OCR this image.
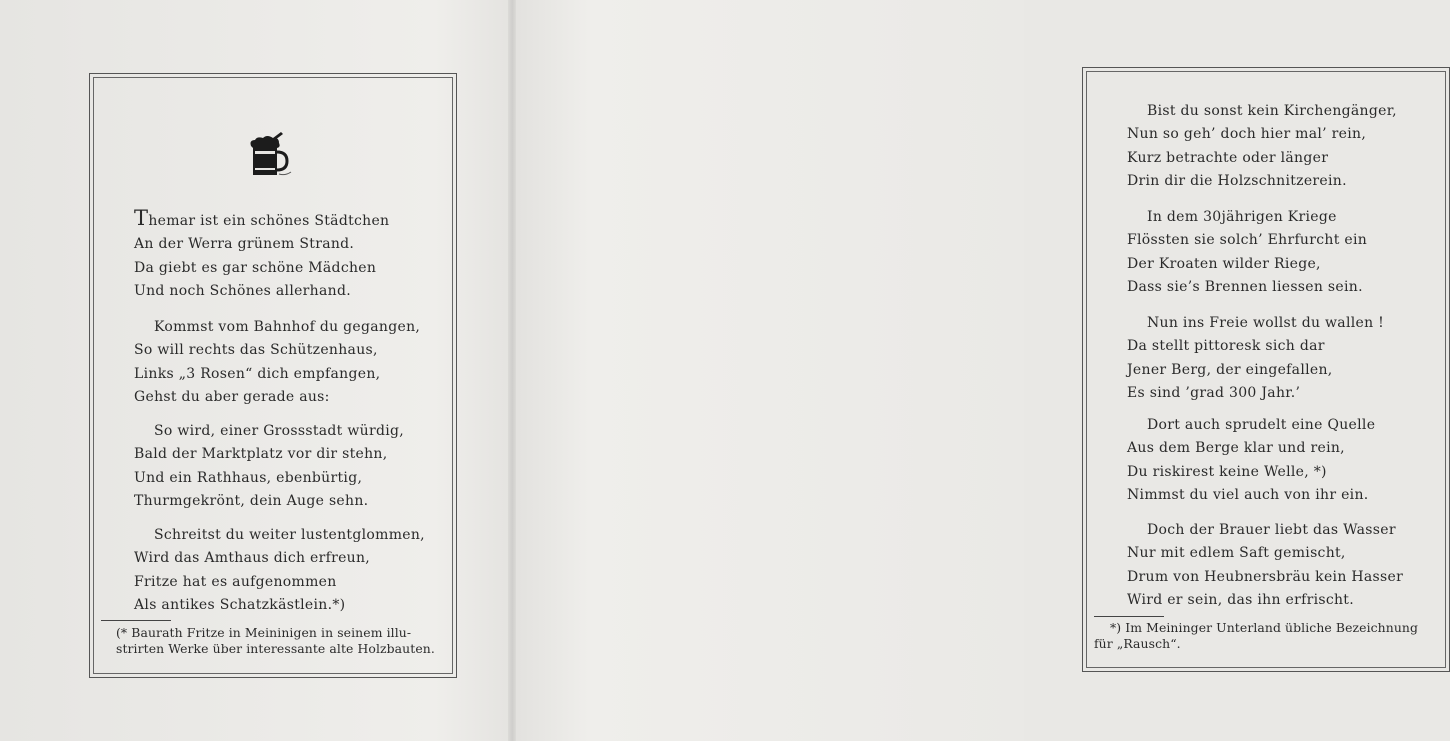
Themar ist ein schönes Städtchen
An der Werra grünem Strand.
Da giebt es gar schöne Mädchen
Und noch Schönes allerhand.
Kommst vom Bahnhof du gegangen,
So will rechts das Schützenhaus,
Links „3 Rosen“ dich empfangen,
Gehst du aber gerade aus:
So wird, einer Grossstadt würdig,
Bald der Marktplatz vor dir stehn,
Und ein Rathhaus, ebenbürtig,
Thurmgekrönt, dein Auge sehn.
Schreitst du weiter lustentglommen,
Wird das Amthaus dich erfreun,
Fritze hat es aufgenommen
Als antikes Schatzkästlein.*)
(* Baurath Fritze in Meininigen in seinem illu-
strirten Werke über interessante alte Holzbauten.
Bist du sonst kein Kirchengänger,
Nun so geh’ doch hier mal’ rein,
Kurz betrachte oder länger
Drin dir die Holzschnitzerein.
In dem 30jährigen Kriege
Flössten sie solch’ Ehrfurcht ein
Der Kroaten wilder Riege,
Dass sie’s Brennen liessen sein.
Nun ins Freie wollst du wallen !
Da stellt pittoresk sich dar
Jener Berg, der eingefallen,
Es sind ’grad 300 Jahr.’
Dort auch sprudelt eine Quelle
Aus dem Berge klar und rein,
Du riskirest keine Welle, *)
Nimmst du viel auch von ihr ein.
Doch der Brauer liebt das Wasser
Nur mit edlem Saft gemischt,
Drum von Heubnersbräu kein Hasser
Wird er sein, das ihn erfrischt.
*) Im Meininger Unterland übliche Bezeichnung
für „Rausch“.
